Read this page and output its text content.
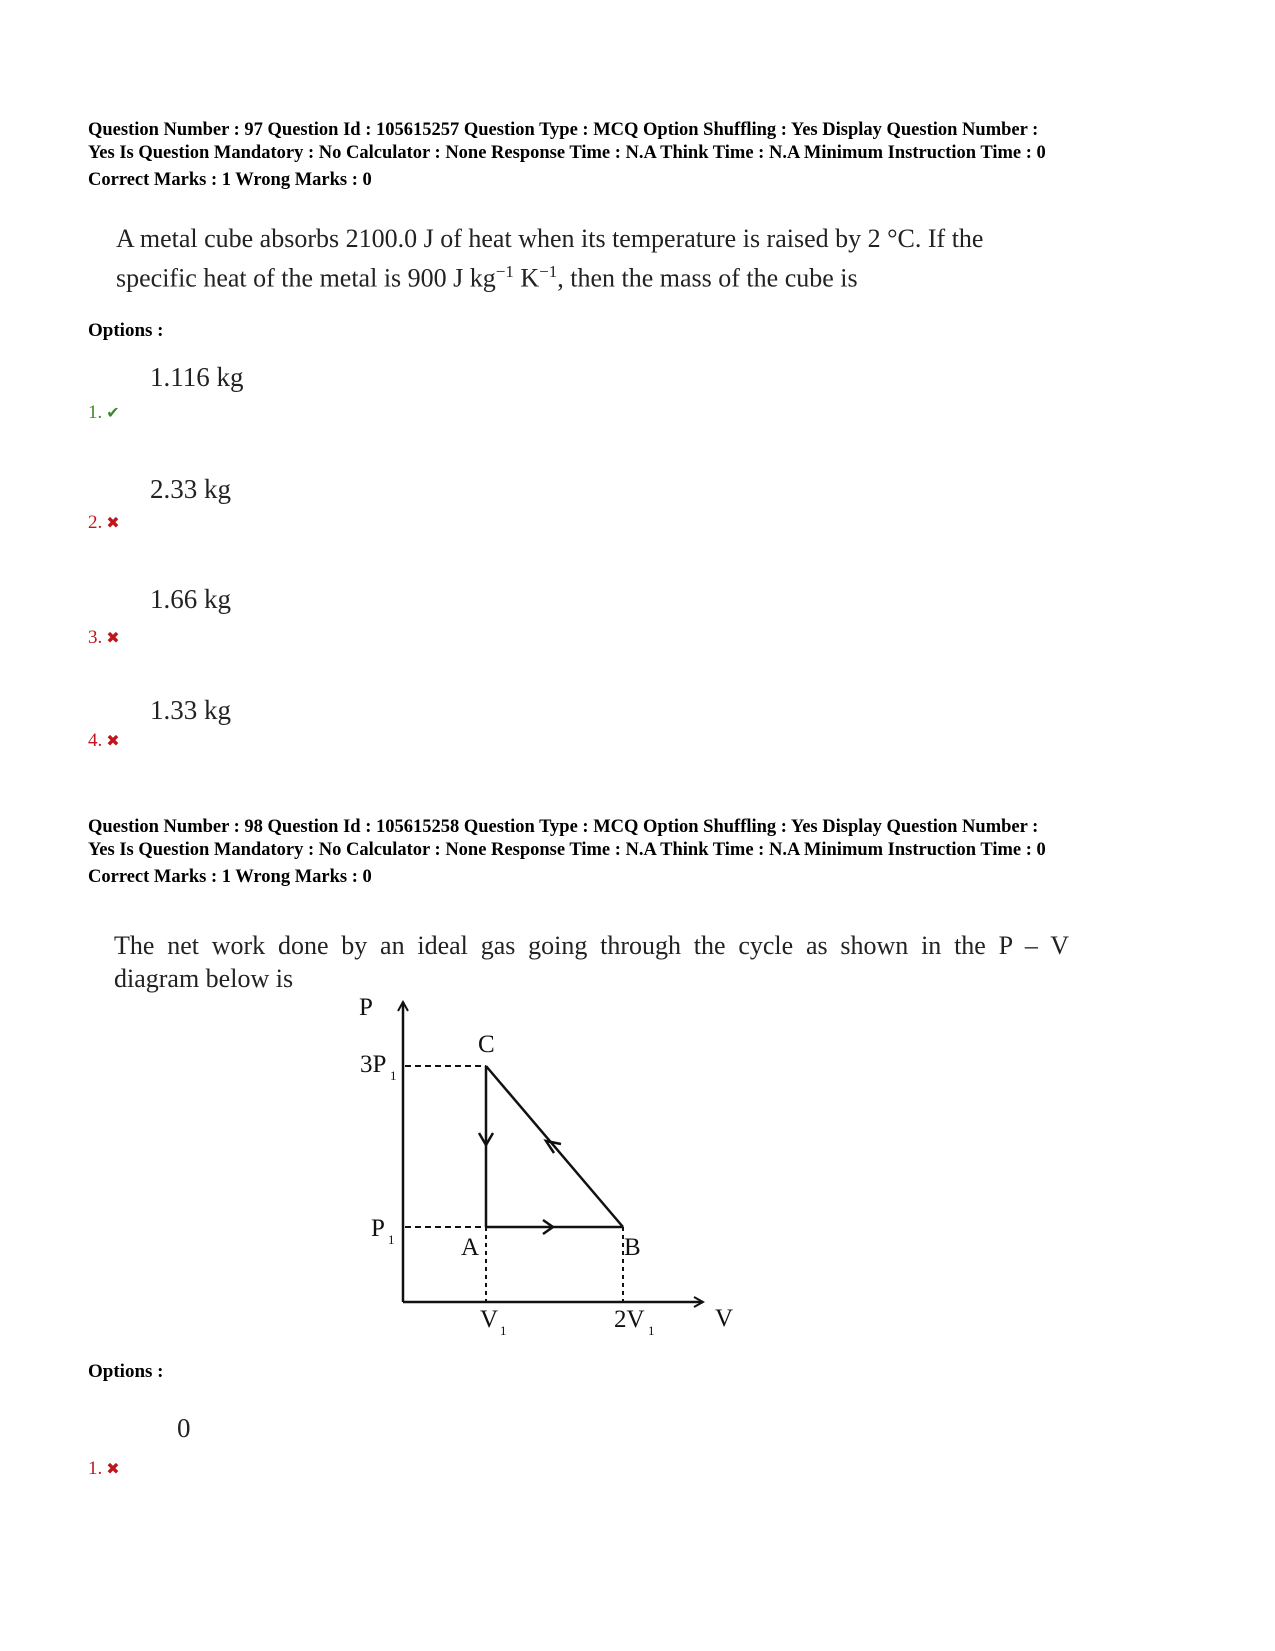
Question Number : 97 Question Id : 105615257 Question Type : MCQ Option Shuffling : Yes Display Question Number :
Yes Is Question Mandatory : No Calculator : None Response Time : N.A Think Time : N.A Minimum Instruction Time : 0
Correct Marks : 1 Wrong Marks : 0
A metal cube absorbs 2100.0 J of heat when its temperature is raised by 2 °C. If the
specific heat of the metal is 900 J $kg^{-1}$ $K^{-1}$, then the mass of the cube is
Options :
1.116 kg
1. ✔
2.33 kg
2. ✖
1.66 kg
3. ✖
1.33 kg
4. ✖
Question Number : 98 Question Id : 105615258 Question Type : MCQ Option Shuffling : Yes Display Question Number :
Yes Is Question Mandatory : No Calculator : None Response Time : N.A Think Time : N.A Minimum Instruction Time : 0
Correct Marks : 1 Wrong Marks : 0
The net work done by an ideal gas going through the cycle as shown in the P – V
diagram below is
P
C
3P 1
P 1	A	B
V 1	2V 1 V
Options :
0
1. ✖
